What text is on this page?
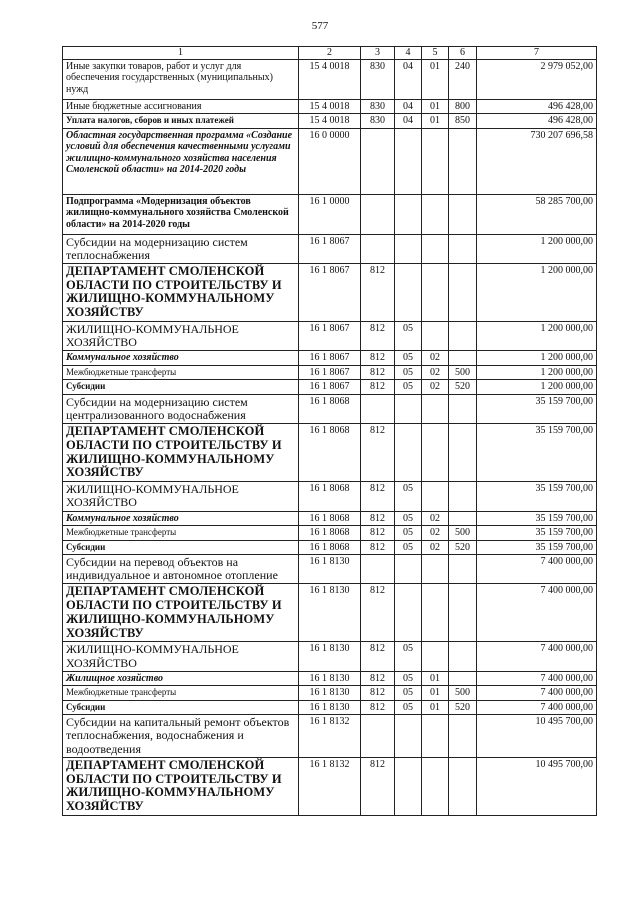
577
1	2	3	4	5	6	7
Иные закупки товаров, работ и услуг для обеспечения государственных (муниципальных) нужд	15 4 0018	830	04	01	240	2 979 052,00
Иные бюджетные ассигнования	15 4 0018	830	04	01	800	496 428,00
Уплата налогов, сборов и иных платежей	15 4 0018	830	04	01	850	496 428,00
Областная государственная программа «Создание условий для обеспечения качественными услугами жилищно-коммунального хозяйства населения Смоленской области» на 2014-2020 годы	16 0 0000					730 207 696,58
Подпрограмма «Модернизация объектов жилищно-коммунального хозяйства Смоленской области» на 2014-2020 годы	16 1 0000					58 285 700,00
Субсидии на модернизацию систем теплоснабжения	16 1 8067					1 200 000,00
ДЕПАРТАМЕНТ СМОЛЕНСКОЙ ОБЛАСТИ ПО СТРОИТЕЛЬСТВУ И ЖИЛИЩНО-КОММУНАЛЬНОМУ ХОЗЯЙСТВУ	16 1 8067	812				1 200 000,00
ЖИЛИЩНО-КОММУНАЛЬНОЕ ХОЗЯЙСТВО	16 1 8067	812	05			1 200 000,00
Коммунальное хозяйство	16 1 8067	812	05	02		1 200 000,00
Межбюджетные трансферты	16 1 8067	812	05	02	500	1 200 000,00
Субсидии	16 1 8067	812	05	02	520	1 200 000,00
Субсидии на модернизацию систем централизованного водоснабжения	16 1 8068					35 159 700,00
ДЕПАРТАМЕНТ СМОЛЕНСКОЙ ОБЛАСТИ ПО СТРОИТЕЛЬСТВУ И ЖИЛИЩНО-КОММУНАЛЬНОМУ ХОЗЯЙСТВУ	16 1 8068	812				35 159 700,00
ЖИЛИЩНО-КОММУНАЛЬНОЕ ХОЗЯЙСТВО	16 1 8068	812	05			35 159 700,00
Коммунальное хозяйство	16 1 8068	812	05	02		35 159 700,00
Межбюджетные трансферты	16 1 8068	812	05	02	500	35 159 700,00
Субсидии	16 1 8068	812	05	02	520	35 159 700,00
Субсидии на перевод объектов на индивидуальное и автономное отопление	16 1 8130					7 400 000,00
ДЕПАРТАМЕНТ СМОЛЕНСКОЙ ОБЛАСТИ ПО СТРОИТЕЛЬСТВУ И ЖИЛИЩНО-КОММУНАЛЬНОМУ ХОЗЯЙСТВУ	16 1 8130	812				7 400 000,00
ЖИЛИЩНО-КОММУНАЛЬНОЕ ХОЗЯЙСТВО	16 1 8130	812	05			7 400 000,00
Жилищное хозяйство	16 1 8130	812	05	01		7 400 000,00
Межбюджетные трансферты	16 1 8130	812	05	01	500	7 400 000,00
Субсидии	16 1 8130	812	05	01	520	7 400 000,00
Субсидии на капитальный ремонт объектов теплоснабжения, водоснабжения и водоотведения	16 1 8132					10 495 700,00
ДЕПАРТАМЕНТ СМОЛЕНСКОЙ ОБЛАСТИ ПО СТРОИТЕЛЬСТВУ И ЖИЛИЩНО-КОММУНАЛЬНОМУ ХОЗЯЙСТВУ	16 1 8132	812				10 495 700,00
